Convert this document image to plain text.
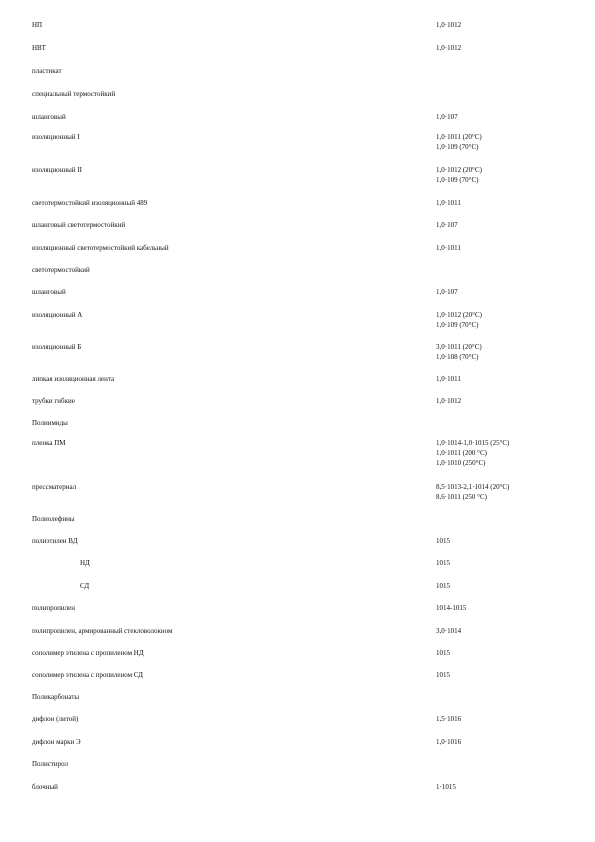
НП	1,0·1012
НВТ	1,0·1012
пластикат
специальный термостойкий
шланговый	1,0·107
изоляционный I	1,0·1011 (20°С)
1,0·109 (70°С)
изоляционный II	1,0·1012 (20°С)
1,0·109 (70°С)
светотермостойкий изоляционный 489	1,0·1011
шланговый светотермостойкий	1,0·107
изоляционный светотермостойкий кабельный	1,0·1011
светотермостойкий
шланговый	1,0·107
изоляционный А	1,0·1012 (20°С)
1,0·109 (70°С)
изоляционный Б	3,0·1011 (20°С)
1,0·108 (70°С)
липкая изоляционная лента	1,0·1011
трубки гибкие	1,0·1012
Полиимиды
пленка ПМ	1,0·1014-1,0·1015 (25°С)
1,0·1011 (200 °С)
1,0·1010 (250°С)
прессматериал	8,5·1013-2,1·1014 (20°С)
8,6·1011 (250 °С)
Полиолефины
полиэтилен ВД	1015
НД	1015
СД	1015
полипропилен	1014-1015
полипропилен, армированный стекловолокном	3,0·1014
сополимер этилена с пропиленом НД	1015
сополимер этилена с пропиленом СД	1015
Поликарбонаты
дифлон (литой)	1,5·1016
дифлон марки Э	1,0·1016
Полистирол
блочный	1·1015
